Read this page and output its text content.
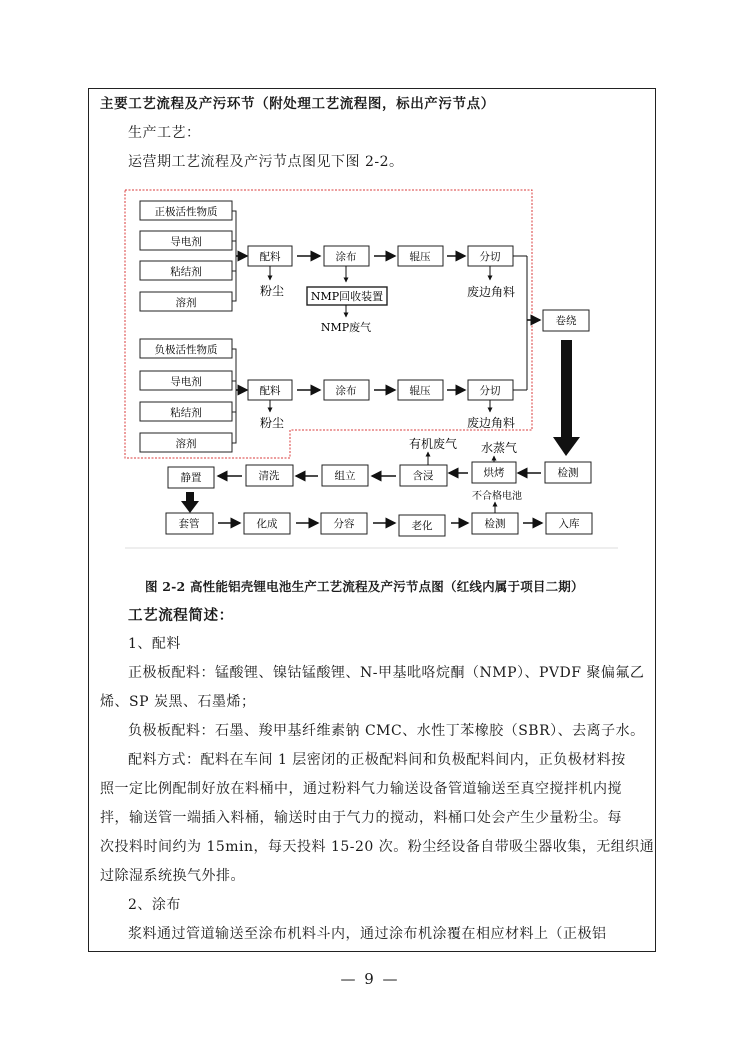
主要工艺流程及产污环节（附处理工艺流程图，标出产污节点）
生产工艺：
运营期工艺流程及产污节点图见下图 2-2。
正极活性物质
导电剂
粘结剂
溶剂
配料	涂布	辊压	分切
粉尘 NMP回收装置
NMP废气
废边角料
负极活性物质
导电剂
粘结剂
溶剂
配料	涂布	辊压	分切
粉尘	废边角料
卷绕
检测
烘烤
水蒸气
含浸
有机废气
组立
清洗
静置
套管	化成	分容	老化	检测
不合格电池
入库
图 2-2 高性能铝壳锂电池生产工艺流程及产污节点图（红线内属于项目二期）
工艺流程简述：
1、配料
正极板配料：锰酸锂、镍钴锰酸锂、N-甲基吡咯烷酮（NMP）、PVDF 聚偏氟乙
烯、SP 炭黑、石墨烯；
负极板配料：石墨、羧甲基纤维素钠 CMC、水性丁苯橡胶（SBR）、去离子水。
配料方式：配料在车间 1 层密闭的正极配料间和负极配料间内，正负极材料按
照一定比例配制好放在料桶中，通过粉料气力输送设备管道输送至真空搅拌机内搅
拌，输送管一端插入料桶，输送时由于气力的搅动，料桶口处会产生少量粉尘。每
次投料时间约为 15min，每天投料 15-20 次。粉尘经设备自带吸尘器收集，无组织通
过除湿系统换气外排。
2、涂布
浆料通过管道输送至涂布机料斗内，通过涂布机涂覆在相应材料上（正极铝
— 9 —
